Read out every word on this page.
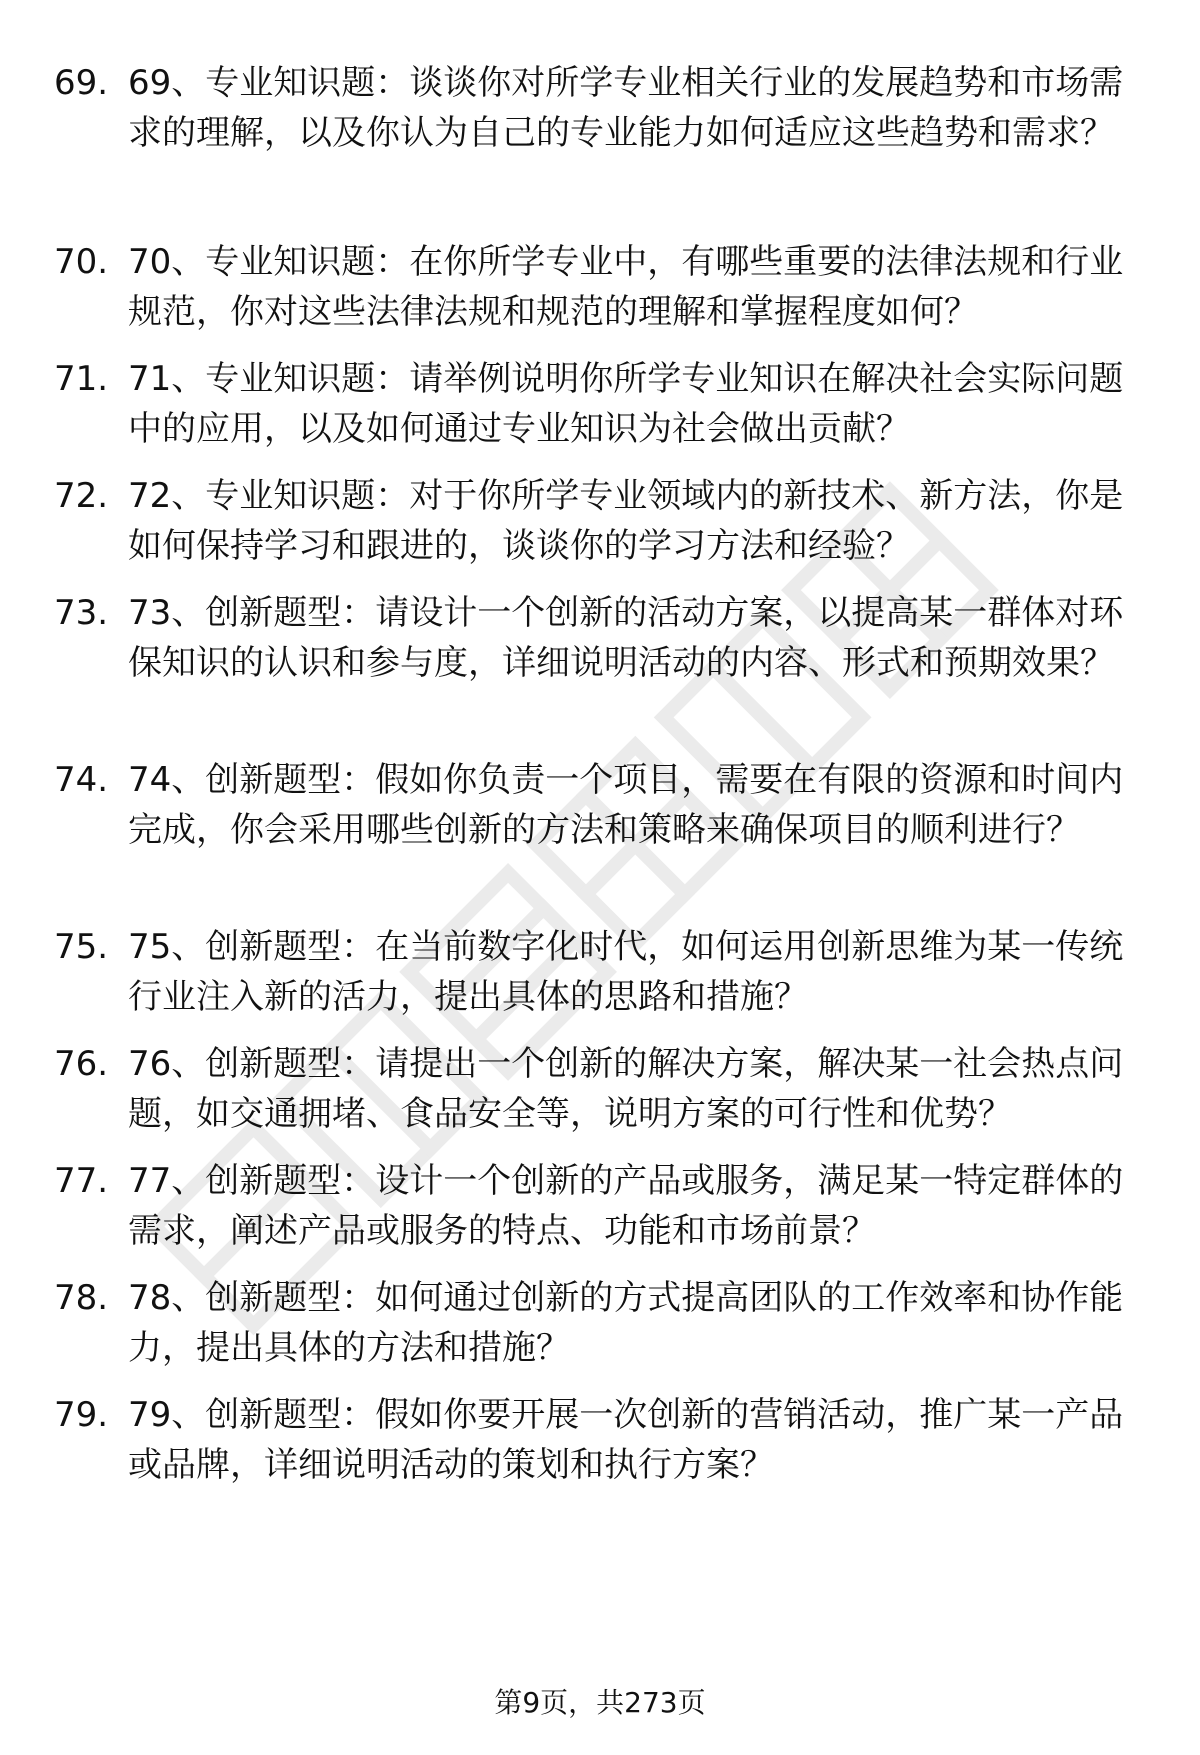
69. 69、专业知识题：谈谈你对所学专业相关行业的发展趋势和市场需求的理解，以及你认为自己的专业能力如何适应这些趋势和需求？
70. 70、专业知识题：在你所学专业中，有哪些重要的法律法规和行业规范，你对这些法律法规和规范的理解和掌握程度如何？
71. 71、专业知识题：请举例说明你所学专业知识在解决社会实际问题中的应用，以及如何通过专业知识为社会做出贡献？
72. 72、专业知识题：对于你所学专业领域内的新技术、新方法，你是如何保持学习和跟进的，谈谈你的学习方法和经验？
73. 73、创新题型：请设计一个创新的活动方案，以提高某一群体对环保知识的认识和参与度，详细说明活动的内容、形式和预期效果？
74. 74、创新题型：假如你负责一个项目，需要在有限的资源和时间内完成，你会采用哪些创新的方法和策略来确保项目的顺利进行？
75. 75、创新题型：在当前数字化时代，如何运用创新思维为某一传统行业注入新的活力，提出具体的思路和措施？
76. 76、创新题型：请提出一个创新的解决方案，解决某一社会热点问题，如交通拥堵、食品安全等，说明方案的可行性和优势？
77. 77、创新题型：设计一个创新的产品或服务，满足某一特定群体的需求，阐述产品或服务的特点、功能和市场前景？
78. 78、创新题型：如何通过创新的方式提高团队的工作效率和协作能力，提出具体的方法和措施？
79. 79、创新题型：假如你要开展一次创新的营销活动，推广某一产品或品牌，详细说明活动的策划和执行方案？
第9页，共273页
